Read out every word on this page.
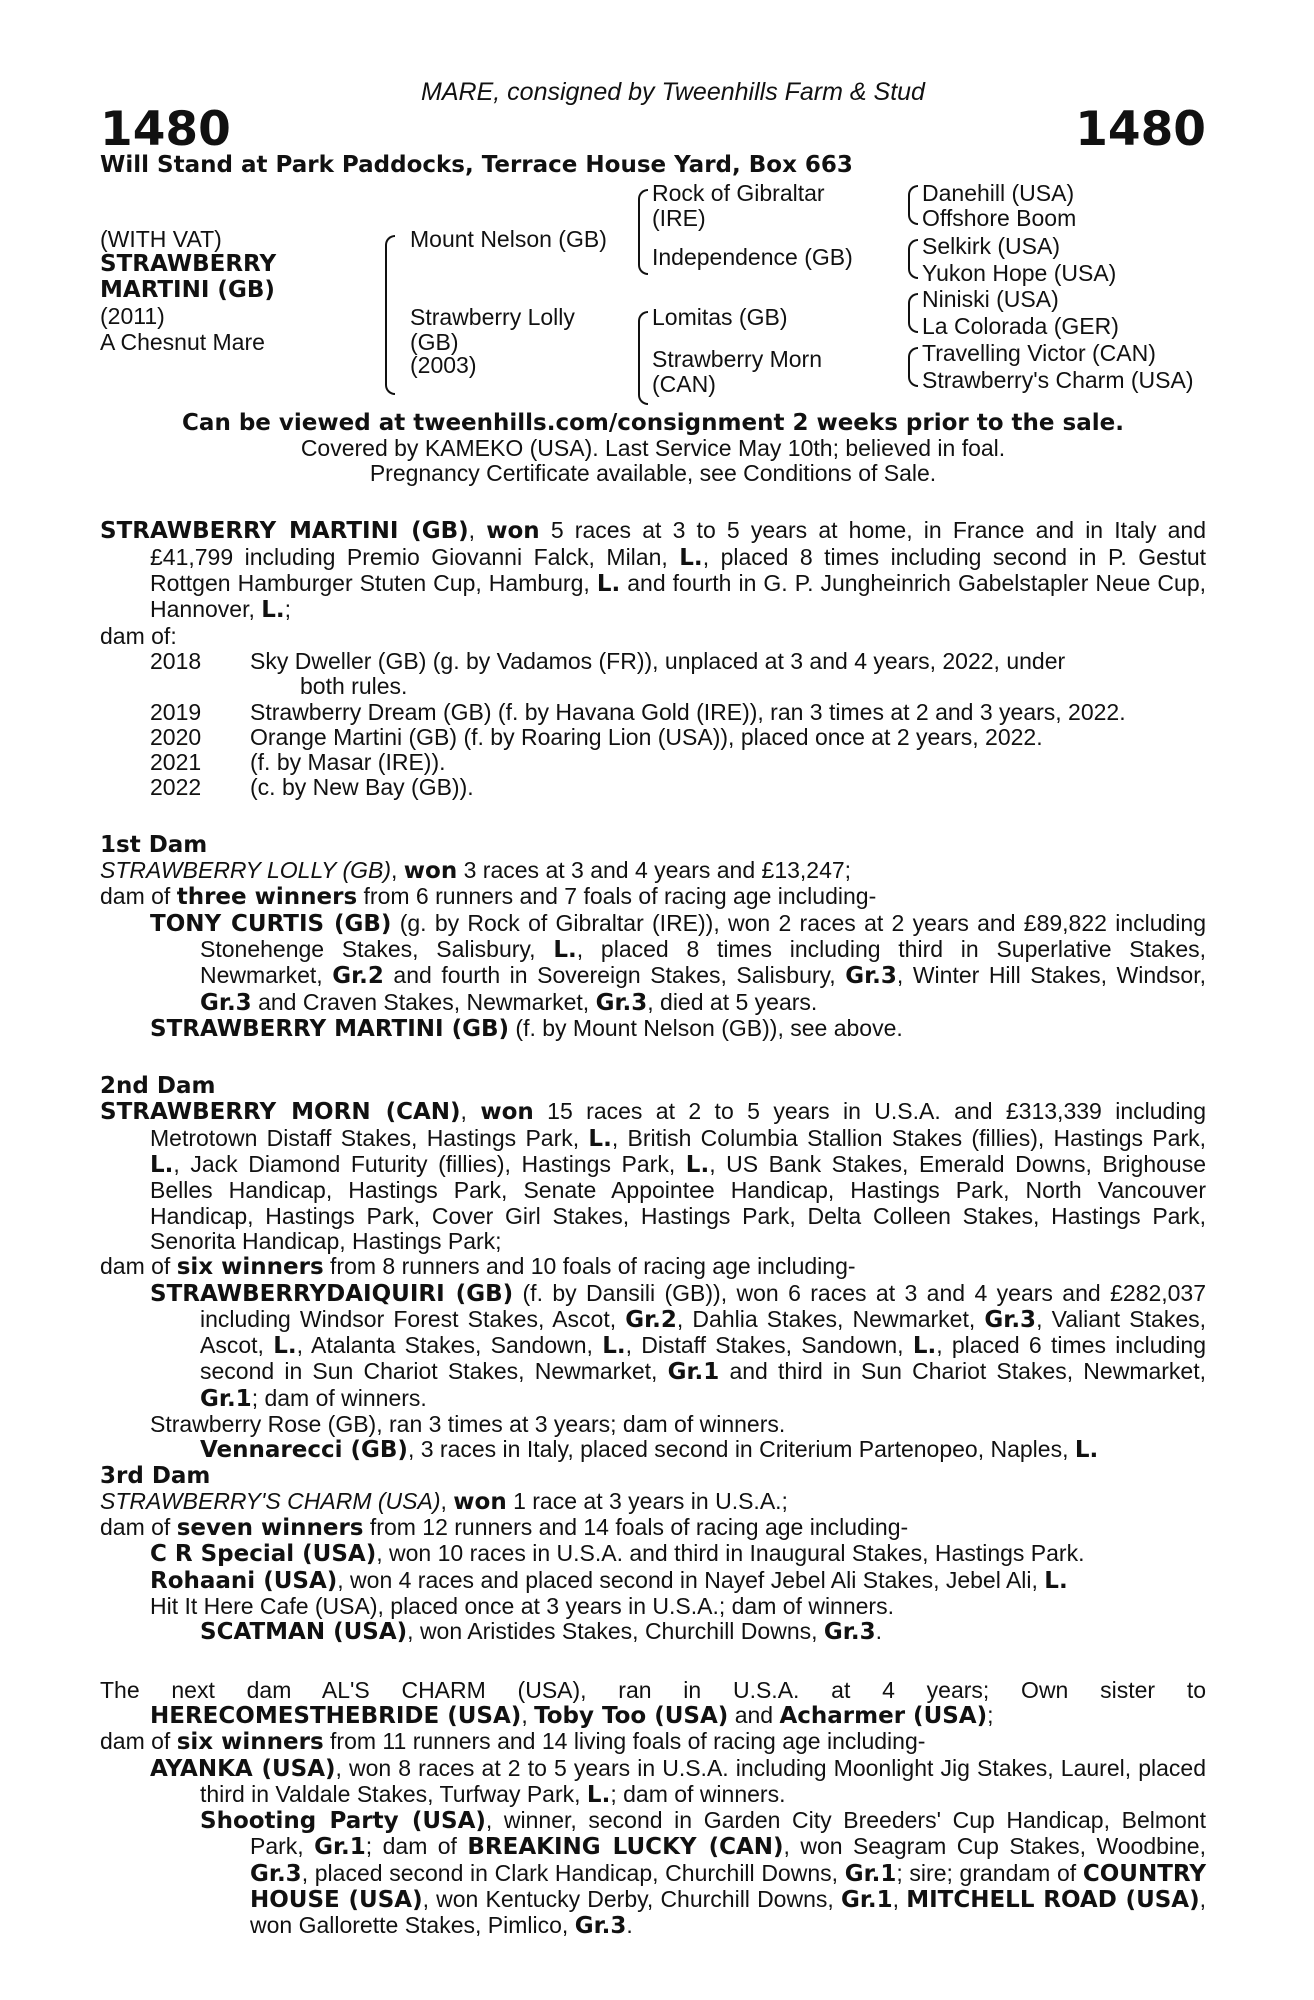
MARE, consigned by Tweenhills Farm & Stud
1480	1480
Will Stand at Park Paddocks, Terrace House Yard, Box 663
(WITH VAT)
STRAWBERRY
MARTINI (GB)
(2011)
A Chesnut Mare
Mount Nelson (GB)
Strawberry Lolly
(GB)
(2003)
Rock of Gibraltar
(IRE)
Independence (GB)
Lomitas (GB)
Strawberry Morn
(CAN)
Danehill (USA)
Offshore Boom
Selkirk (USA)
Yukon Hope (USA)
Niniski (USA)
La Colorada (GER)
Travelling Victor (CAN)
Strawberry's Charm (USA)
Can be viewed at tweenhills.com/consignment 2 weeks prior to the sale.
Covered by KAMEKO (USA). Last Service May 10th; believed in foal.
Pregnancy Certificate available, see Conditions of Sale.
STRAWBERRY MARTINI (GB), won 5 races at 3 to 5 years at home, in France and in Italy and £41,799 including Premio Giovanni Falck, Milan, L., placed 8 times including second in P. Gestut Rottgen Hamburger Stuten Cup, Hamburg, L. and fourth in G. P. Jungheinrich Gabelstapler Neue Cup, Hannover, L.;
dam of:
2018	Sky Dweller (GB) (g. by Vadamos (FR)), unplaced at 3 and 4 years, 2022, under
both rules.
2019	Strawberry Dream (GB) (f. by Havana Gold (IRE)), ran 3 times at 2 and 3 years, 2022.
2020	Orange Martini (GB) (f. by Roaring Lion (USA)), placed once at 2 years, 2022.
2021	(f. by Masar (IRE)).
2022	(c. by New Bay (GB)).
1st Dam
STRAWBERRY LOLLY (GB), won 3 races at 3 and 4 years and £13,247;
dam of three winners from 6 runners and 7 foals of racing age including-
TONY CURTIS (GB) (g. by Rock of Gibraltar (IRE)), won 2 races at 2 years and £89,822 including Stonehenge Stakes, Salisbury, L., placed 8 times including third in Superlative Stakes, Newmarket, Gr.2 and fourth in Sovereign Stakes, Salisbury, Gr.3, Winter Hill Stakes, Windsor, Gr.3 and Craven Stakes, Newmarket, Gr.3, died at 5 years.
STRAWBERRY MARTINI (GB) (f. by Mount Nelson (GB)), see above.
2nd Dam
STRAWBERRY MORN (CAN), won 15 races at 2 to 5 years in U.S.A. and £313,339 including Metrotown Distaff Stakes, Hastings Park, L., British Columbia Stallion Stakes (fillies), Hastings Park, L., Jack Diamond Futurity (fillies), Hastings Park, L., US Bank Stakes, Emerald Downs, Brighouse Belles Handicap, Hastings Park, Senate Appointee Handicap, Hastings Park, North Vancouver Handicap, Hastings Park, Cover Girl Stakes, Hastings Park, Delta Colleen Stakes, Hastings Park, Senorita Handicap, Hastings Park;
dam of six winners from 8 runners and 10 foals of racing age including-
STRAWBERRYDAIQUIRI (GB) (f. by Dansili (GB)), won 6 races at 3 and 4 years and £282,037 including Windsor Forest Stakes, Ascot, Gr.2, Dahlia Stakes, Newmarket, Gr.3, Valiant Stakes, Ascot, L., Atalanta Stakes, Sandown, L., Distaff Stakes, Sandown, L., placed 6 times including second in Sun Chariot Stakes, Newmarket, Gr.1 and third in Sun Chariot Stakes, Newmarket, Gr.1; dam of winners.
Strawberry Rose (GB), ran 3 times at 3 years; dam of winners.
Vennarecci (GB), 3 races in Italy, placed second in Criterium Partenopeo, Naples, L.
3rd Dam
STRAWBERRY'S CHARM (USA), won 1 race at 3 years in U.S.A.;
dam of seven winners from 12 runners and 14 foals of racing age including-
C R Special (USA), won 10 races in U.S.A. and third in Inaugural Stakes, Hastings Park.
Rohaani (USA), won 4 races and placed second in Nayef Jebel Ali Stakes, Jebel Ali, L.
Hit It Here Cafe (USA), placed once at 3 years in U.S.A.; dam of winners.
SCATMAN (USA), won Aristides Stakes, Churchill Downs, Gr.3.
The next dam AL'S CHARM (USA), ran in U.S.A. at 4 years; Own sister to
HERECOMESTHEBRIDE (USA), Toby Too (USA) and Acharmer (USA);
dam of six winners from 11 runners and 14 living foals of racing age including-
AYANKA (USA), won 8 races at 2 to 5 years in U.S.A. including Moonlight Jig Stakes, Laurel, placed third in Valdale Stakes, Turfway Park, L.; dam of winners.
Shooting Party (USA), winner, second in Garden City Breeders' Cup Handicap, Belmont Park, Gr.1; dam of BREAKING LUCKY (CAN), won Seagram Cup Stakes, Woodbine, Gr.3, placed second in Clark Handicap, Churchill Downs, Gr.1; sire; grandam of COUNTRY HOUSE (USA), won Kentucky Derby, Churchill Downs, Gr.1, MITCHELL ROAD (USA), won Gallorette Stakes, Pimlico, Gr.3.
